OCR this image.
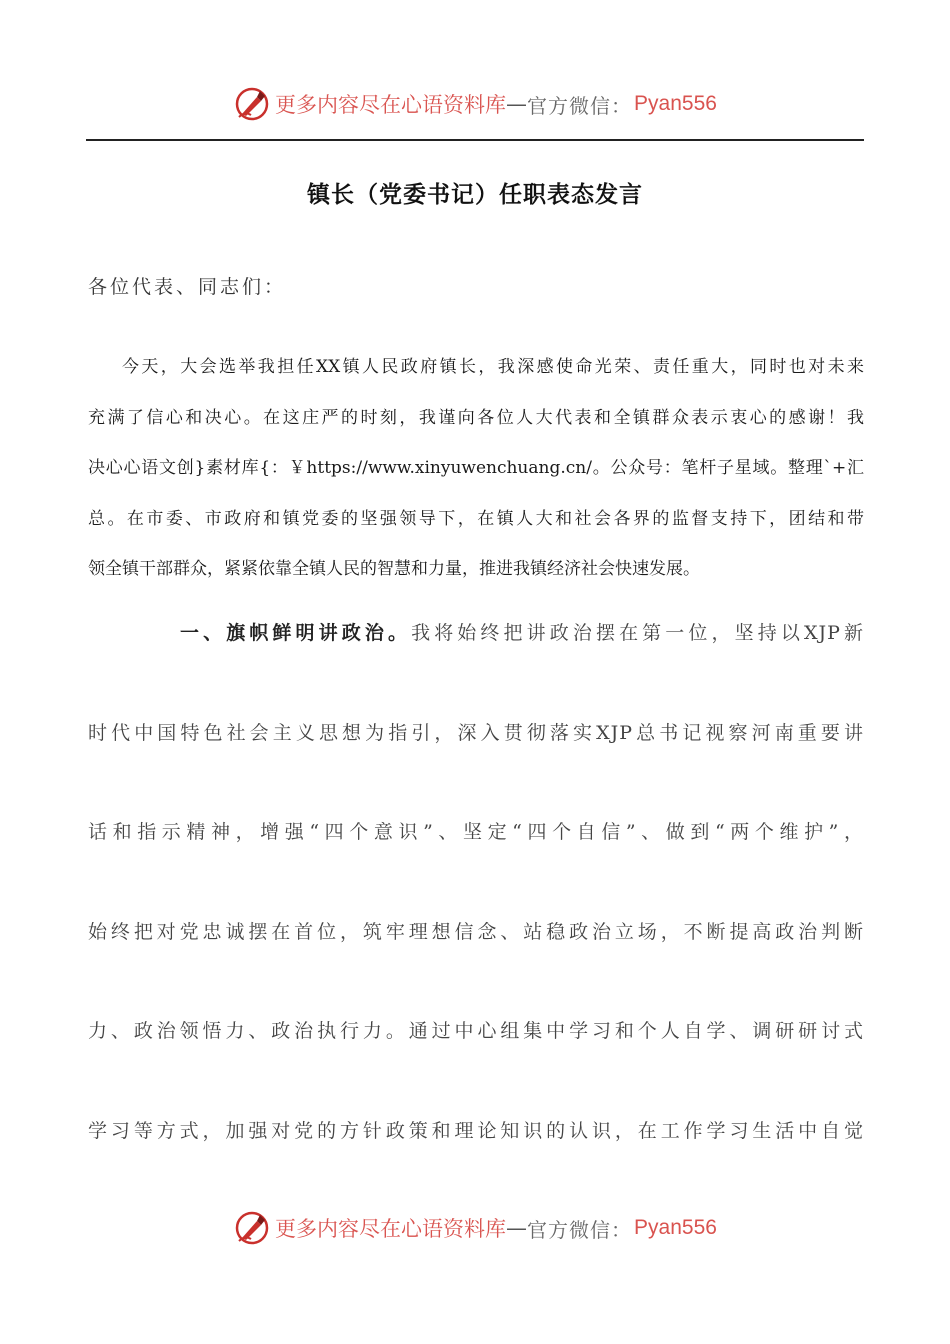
更多内容尽在心语资料库 — 官方微信： Pyan556
镇长（党委书记）任职表态发言
各位代表、同志们：
今天，大会选举我担任XX镇人民政府镇长，我深感使命光荣、责任重大，同时也对未来
充满了信心和决心。在这庄严的时刻，我谨向各位人大代表和全镇群众表示衷心的感谢！我
决心心语文创}素材库{：￥https://www.xinyuwenchuang.cn/。公众号：笔杆子星域。整理`+汇
总。在市委、市政府和镇党委的坚强领导下，在镇人大和社会各界的监督支持下，团结和带
领全镇干部群众，紧紧依靠全镇人民的智慧和力量，推进我镇经济社会快速发展。
一、旗帜鲜明讲政治。我将始终把讲政治摆在第一位，坚持以XJP新
时代中国特色社会主义思想为指引，深入贯彻落实XJP总书记视察河南重要讲
话和指示精神，增强“四个意识”、坚定“四个自信”、做到“两个维护”，
始终把对党忠诚摆在首位，筑牢理想信念、站稳政治立场，不断提高政治判断
力、政治领悟力、政治执行力。通过中心组集中学习和个人自学、调研研讨式
学习等方式，加强对党的方针政策和理论知识的认识，在工作学习生活中自觉
更多内容尽在心语资料库 — 官方微信： Pyan556
